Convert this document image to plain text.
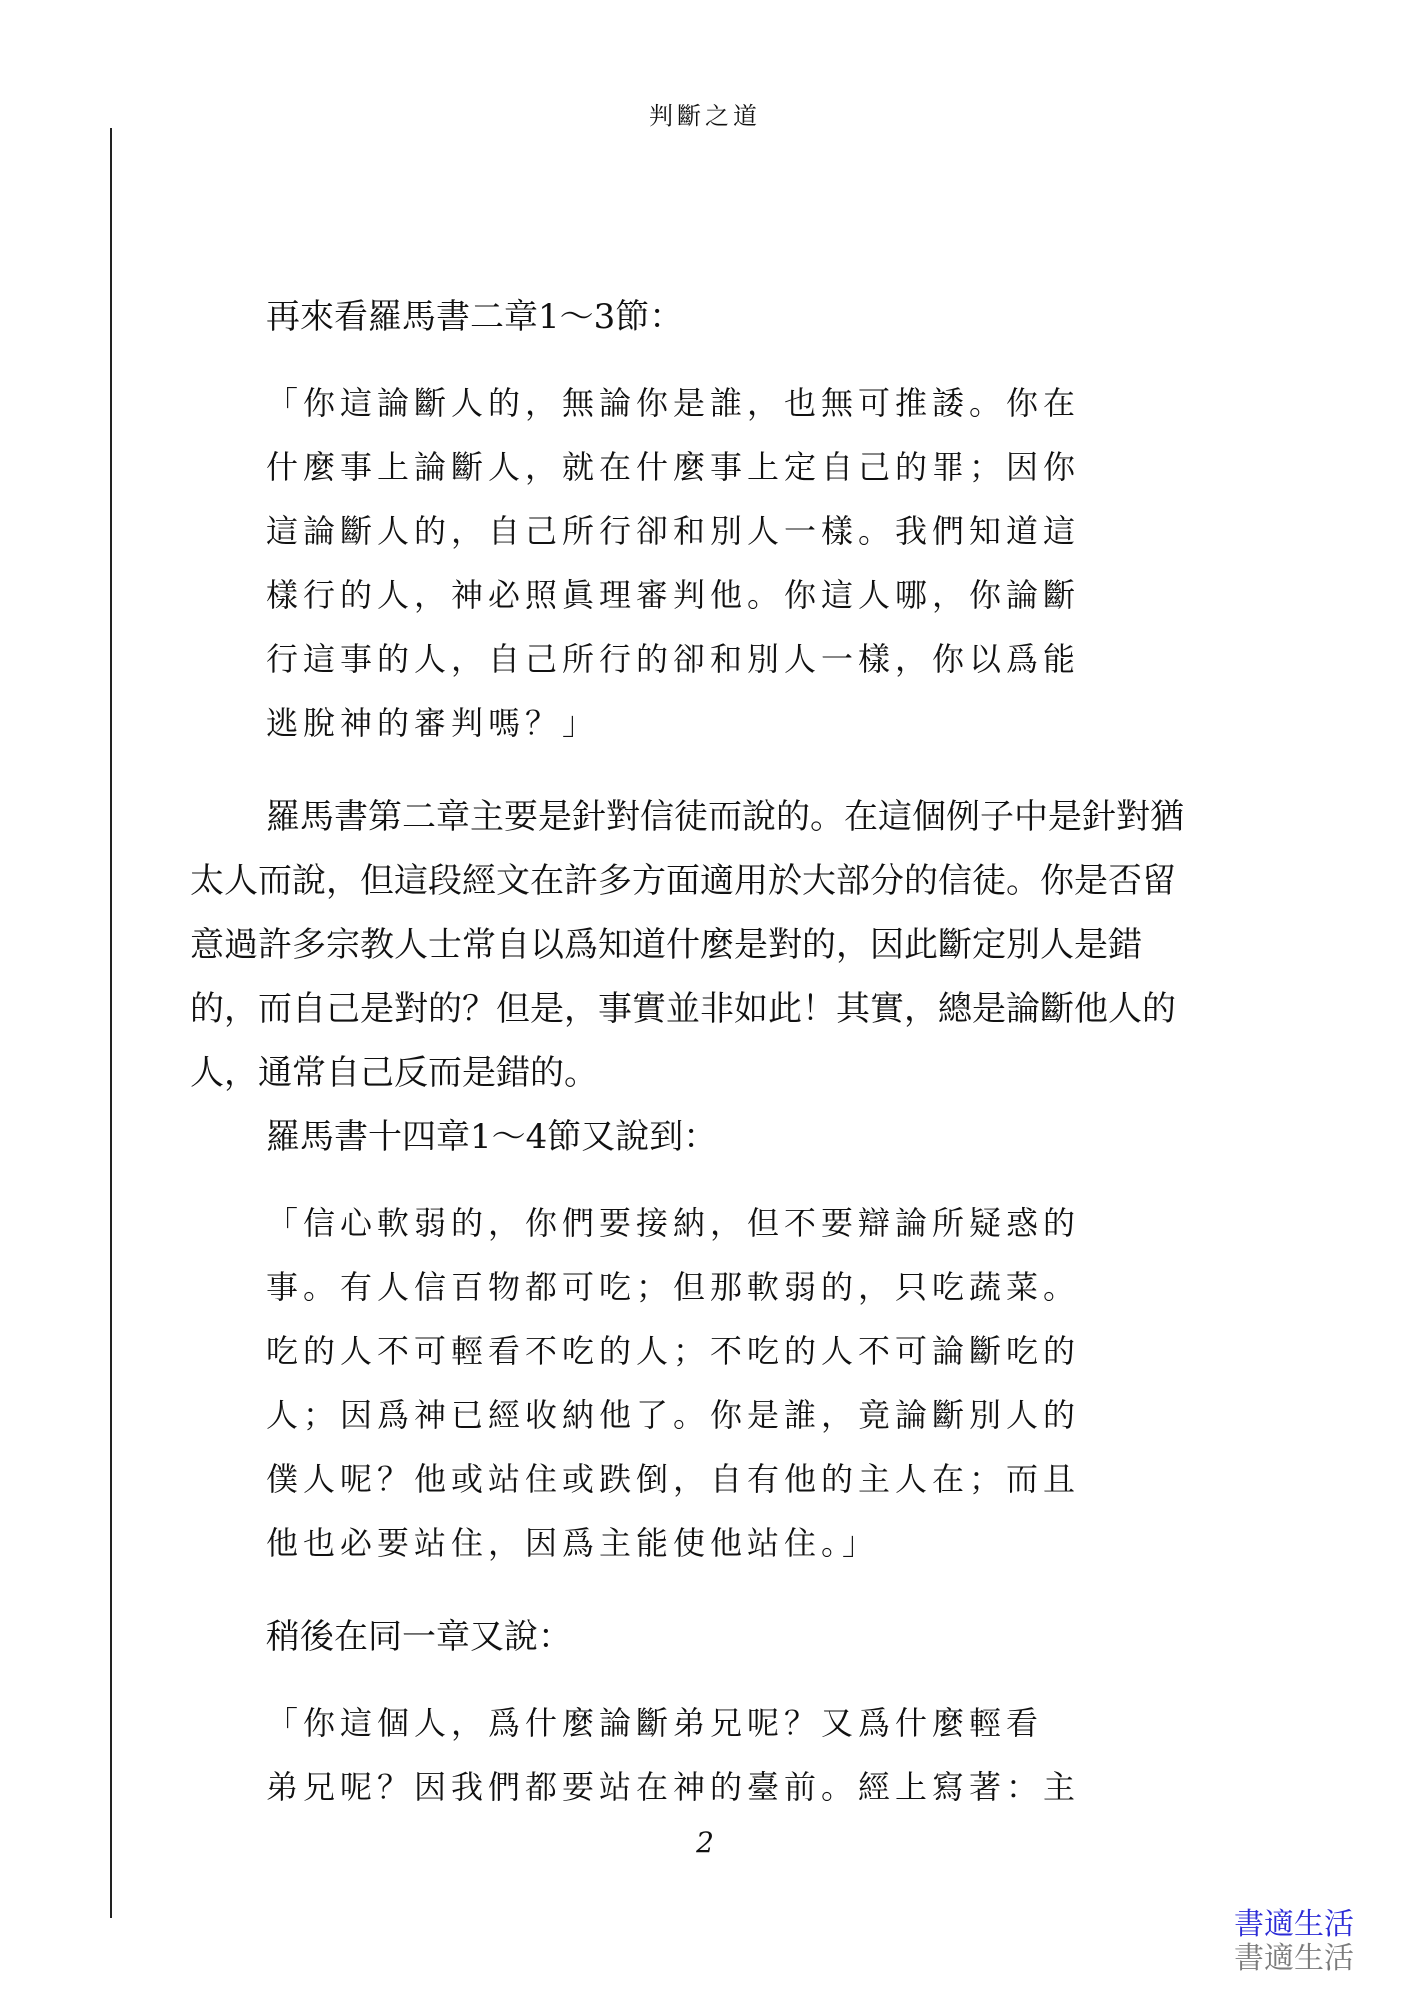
判斷之道

再來看羅馬書二章1～3節：

「你這論斷人的，無論你是誰，也無可推諉。你在
什麼事上論斷人，就在什麼事上定自己的罪；因你
這論斷人的，自己所行卻和別人一樣。我們知道這
樣行的人，神必照眞理審判他。你這人哪，你論斷
行這事的人，自己所行的卻和別人一樣，你以爲能
逃脫神的審判嗎？」

羅馬書第二章主要是針對信徒而說的。在這個例子中是針對猶太人而說，但這段經文在許多方面適用於大部分的信徒。你是否留意過許多宗教人士常自以爲知道什麼是對的，因此斷定別人是錯的，而自己是對的？但是，事實並非如此！其實，總是論斷他人的人，通常自己反而是錯的。

羅馬書十四章1～4節又說到：

「信心軟弱的，你們要接納，但不要辯論所疑惑的
事。有人信百物都可吃；但那軟弱的，只吃蔬菜。
吃的人不可輕看不吃的人；不吃的人不可論斷吃的
人；因爲神已經收納他了。你是誰，竟論斷別人的
僕人呢？他或站住或跌倒，自有他的主人在；而且
他也必要站住，因爲主能使他站住。」

稍後在同一章又說：

「你這個人，爲什麼論斷弟兄呢？又爲什麼輕看
弟兄呢？因我們都要站在神的臺前。經上寫著：主
2
書適生活
書適生活
